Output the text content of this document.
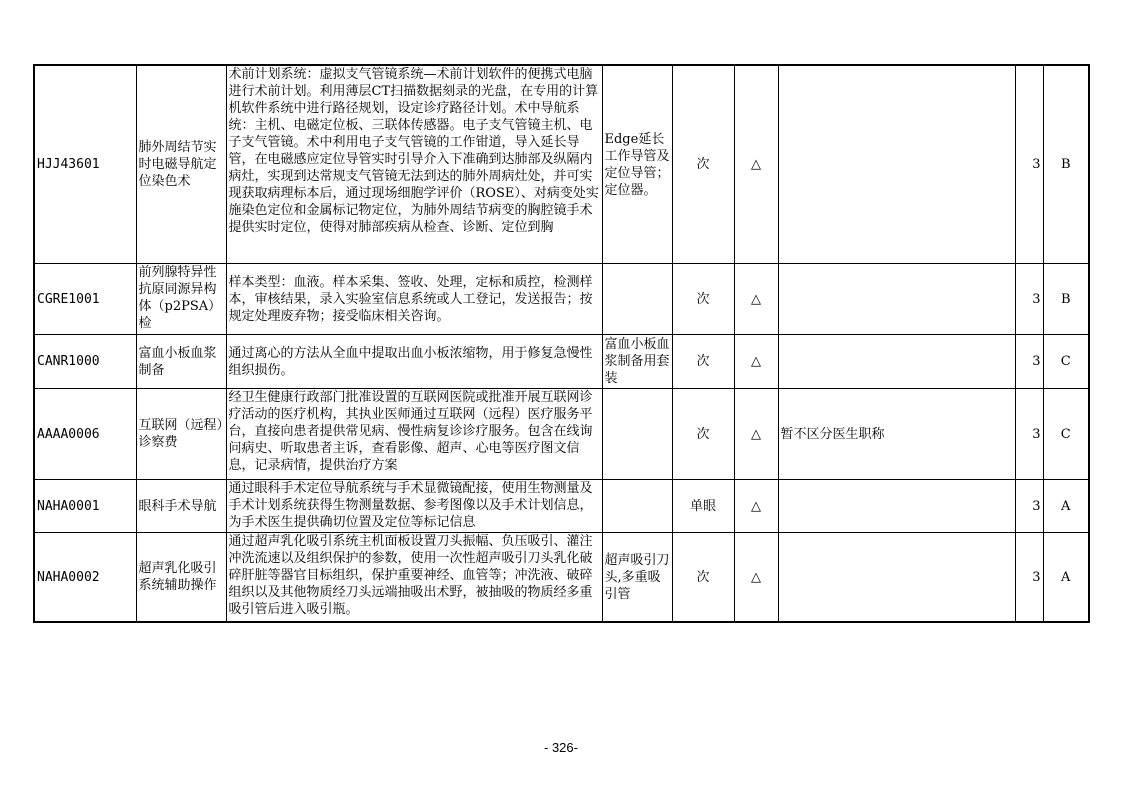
HJJ43601	肺外周结节实时电磁导航定位染色术	术前计划系统：虚拟支气管镜系统—术前计划软件的便携式电脑进行术前计划。利用薄层CT扫描数据刻录的光盘，在专用的计算机软件系统中进行路径规划，设定诊疗路径计划。术中导航系统：主机、电磁定位板、三联体传感器。电子支气管镜主机、电子支气管镜。术中利用电子支气管镜的工作钳道，导入延长导管，在电磁感应定位导管实时引导介入下准确到达肺部及纵隔内病灶，实现到达常规支气管镜无法到达的肺外周病灶处，并可实现获取病理标本后，通过现场细胞学评价（ROSE）、对病变处实施染色定位和金属标记物定位，为肺外周结节病变的胸腔镜手术提供实时定位，使得对肺部疾病从检查、诊断、定位到胸	Edge延长工作导管及定位导管；定位器。	次	△		3	B
CGRE1001	前列腺特异性抗原同源异构体（p2PSA）检	样本类型：血液。样本采集、签收、处理，定标和质控，检测样本，审核结果，录入实验室信息系统或人工登记，发送报告；按规定处理废弃物；接受临床相关咨询。		次	△		3	B
CANR1000	富血小板血浆制备	通过离心的方法从全血中提取出血小板浓缩物，用于修复急慢性组织损伤。	富血小板血浆制备用套装	次	△		3	C
AAAA0006	互联网（远程）诊察费	经卫生健康行政部门批准设置的互联网医院或批准开展互联网诊疗活动的医疗机构，其执业医师通过互联网（远程）医疗服务平台，直接向患者提供常见病、慢性病复诊诊疗服务。包含在线询问病史、听取患者主诉，查看影像、超声、心电等医疗图文信息，记录病情，提供治疗方案		次	△	暂不区分医生职称	3	C
NAHA0001	眼科手术导航	通过眼科手术定位导航系统与手术显微镜配接，使用生物测量及手术计划系统获得生物测量数据、参考图像以及手术计划信息，为手术医生提供确切位置及定位等标记信息		单眼	△		3	A
NAHA0002	超声乳化吸引系统辅助操作	通过超声乳化吸引系统主机面板设置刀头振幅、负压吸引、灌注冲洗流速以及组织保护的参数，使用一次性超声吸引刀头乳化破碎肝脏等器官目标组织，保护重要神经、血管等；冲洗液、破碎组织以及其他物质经刀头远端抽吸出术野，被抽吸的物质经多重吸引管后进入吸引瓶。	超声吸引刀头,多重吸引管	次	△		3	A
- 326-
